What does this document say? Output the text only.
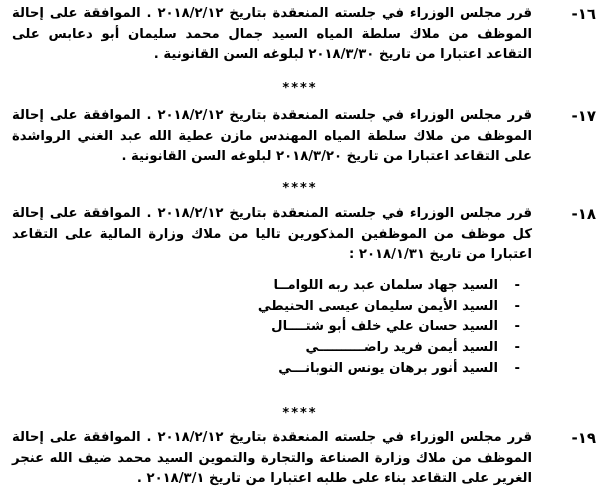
١٦-
قرر مجلس الوزراء في جلسته المنعقدة بتاريخ ٢٠١٨/٢/١٢ . الموافقة على إحالة الموظف من ملاك سلطة المياه السيد جمال محمد سليمان أبو دعابس على التقاعد اعتبارا من تاريخ ٢٠١٨/٣/٣٠ لبلوغه السن القانونية .
****
١٧-
قرر مجلس الوزراء في جلسته المنعقدة بتاريخ ٢٠١٨/٢/١٢ . الموافقة على إحالة الموظف من ملاك سلطة المياه المهندس مازن عطية الله عبد الغني الرواشدة على التقاعد اعتبارا من تاريخ ٢٠١٨/٣/٢٠ لبلوغه السن القانونية .
****
١٨-
قرر مجلس الوزراء في جلسته المنعقدة بتاريخ ٢٠١٨/٢/١٢ . الموافقة على إحالة كل موظف من الموظفين المذكورين تاليا من ملاك وزارة المالية على التقاعد اعتبارا من تاريخ ٢٠١٨/١/٣١ :
-السيد جهاد سلمان عبد ربه اللوامــا
-السيد الأيمن سليمان عيسى الحنيطي
-السيد حسان علي خلف أبو شتــــال
-السيد أيمن فريد راضــــــــــي
-السيد أنور برهان يونس النوبانـــي
****
١٩-
قرر مجلس الوزراء في جلسته المنعقدة بتاريخ ٢٠١٨/٢/١٢ . الموافقة على إحالة الموظف من ملاك وزارة الصناعة والتجارة والتموين السيد محمد ضيف الله عنجر الغرير على التقاعد بناء على طلبه اعتبارا من تاريخ ٢٠١٨/٣/١ .
